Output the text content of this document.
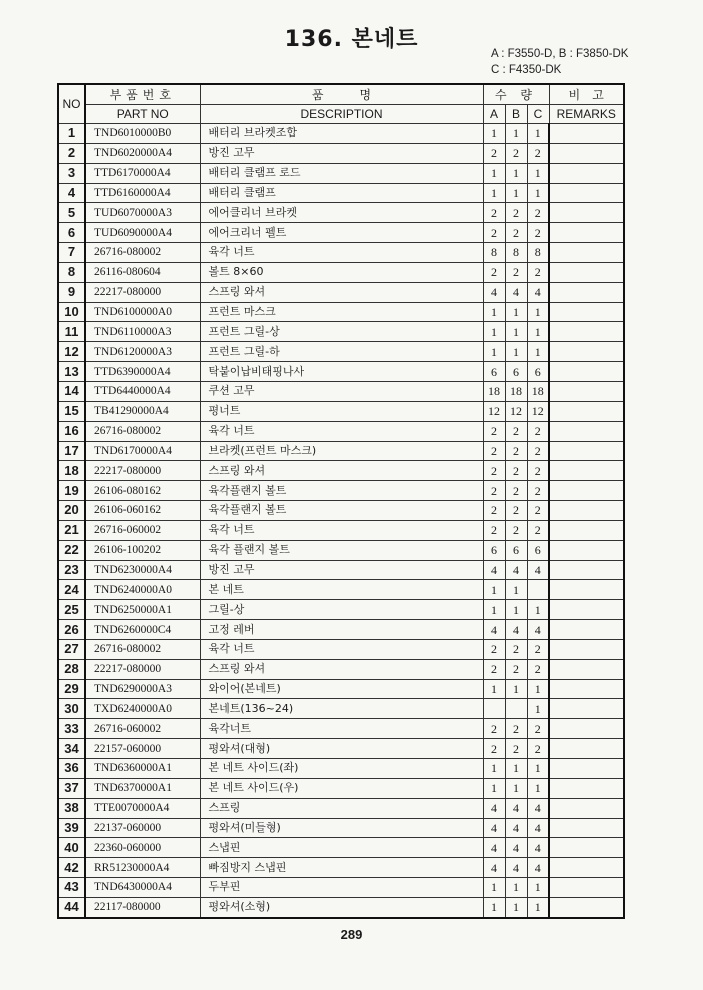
136. 본네트
A : F3550-D, B : F3850-DK
C : F4350-DK
NO	부품번호	품　　　명	수 량			비　고
	PART NO	DESCRIPTION	A	B	C	REMARKS
1	TND6010000B0	배터리 브라켓조합	1	1	1	
2	TND6020000A4	방진 고무	2	2	2	
3	TTD6170000A4	배터리 클램프 로드	1	1	1	
4	TTD6160000A4	배터리 클램프	1	1	1	
5	TUD6070000A3	에어클리너 브라켓	2	2	2	
6	TUD6090000A4	에어크리너 펠트	2	2	2	
7	26716-080002	육각 너트	8	8	8	
8	26116-080604	볼트 8×60	2	2	2	
9	22217-080000	스프링 와셔	4	4	4	
10	TND6100000A0	프런트 마스크	1	1	1	
11	TND6110000A3	프런트 그릴-상	1	1	1	
12	TND6120000A3	프런트 그릴-하	1	1	1	
13	TTD6390000A4	탁붙이납비태핑나사	6	6	6	
14	TTD6440000A4	쿠션 고무	18	18	18	
15	TB41290000A4	평너트	12	12	12	
16	26716-080002	육각 너트	2	2	2	
17	TND6170000A4	브라켓(프런트 마스크)	2	2	2	
18	22217-080000	스프링 와셔	2	2	2	
19	26106-080162	육각플랜지 볼트	2	2	2	
20	26106-060162	육각플랜지 볼트	2	2	2	
21	26716-060002	육각 너트	2	2	2	
22	26106-100202	육각 플랜지 볼트	6	6	6	
23	TND6230000A4	방진 고무	4	4	4	
24	TND6240000A0	본 네트	1	1		
25	TND6250000A1	그릴-상	1	1	1	
26	TND6260000C4	고정 레버	4	4	4	
27	26716-080002	육각 너트	2	2	2	
28	22217-080000	스프링 와셔	2	2	2	
29	TND6290000A3	와이어(본네트)	1	1	1	
30	TXD6240000A0	본네트(136~24)			1	
33	26716-060002	육각너트	2	2	2	
34	22157-060000	평와셔(대형)	2	2	2	
36	TND6360000A1	본 네트 사이드(좌)	1	1	1	
37	TND6370000A1	본 네트 사이드(우)	1	1	1	
38	TTE0070000A4	스프링	4	4	4	
39	22137-060000	평와셔(미들형)	4	4	4	
40	22360-060000	스냅핀	4	4	4	
42	RR51230000A4	빠짐방지 스냅핀	4	4	4	
43	TND6430000A4	두부핀	1	1	1	
44	22117-080000	평와셔(소형)	1	1	1	
289
